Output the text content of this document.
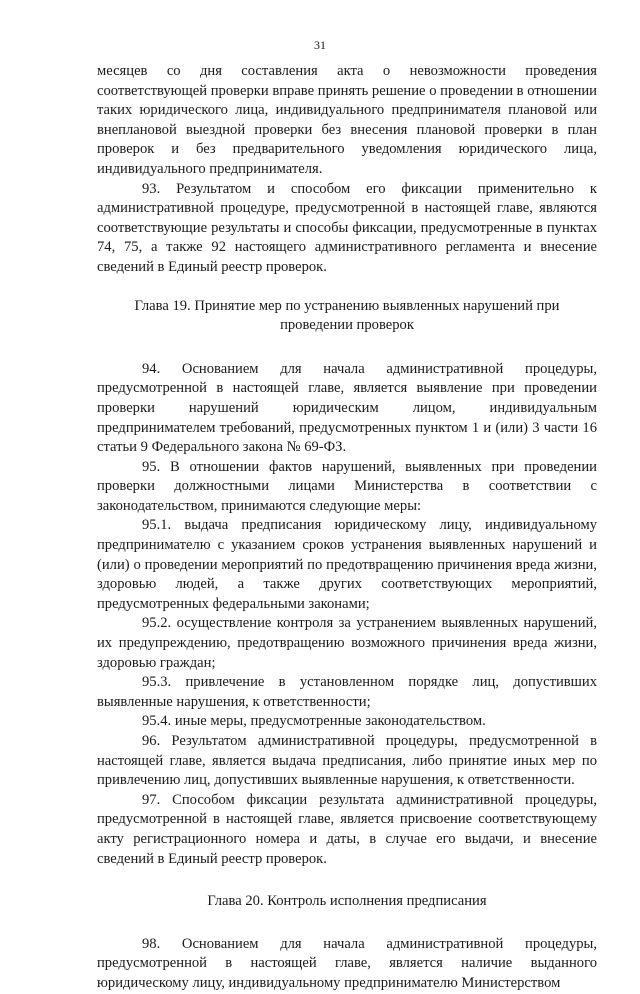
31

месяцев со дня составления акта о невозможности проведения соответствующей проверки вправе принять решение о проведении в отношении таких юридического лица, индивидуального предпринимателя плановой или внеплановой выездной проверки без внесения плановой проверки в план проверок и без предварительного уведомления юридического лица, индивидуального предпринимателя.

93. Результатом и способом его фиксации применительно к административной процедуре, предусмотренной в настоящей главе, являются соответствующие результаты и способы фиксации, предусмотренные в пунктах 74, 75, а также 92 настоящего административного регламента и внесение сведений в Единый реестр проверок.

Глава 19. Принятие мер по устранению выявленных нарушений при
проведении проверок

94. Основанием для начала административной процедуры, предусмотренной в настоящей главе, является выявление при проведении проверки нарушений юридическим лицом, индивидуальным предпринимателем требований, предусмотренных пунктом 1 и (или) 3 части 16 статьи 9 Федерального закона № 69-ФЗ.

95. В отношении фактов нарушений, выявленных при проведении проверки должностными лицами Министерства в соответствии с законодательством, принимаются следующие меры:

95.1. выдача предписания юридическому лицу, индивидуальному предпринимателю с указанием сроков устранения выявленных нарушений и (или) о проведении мероприятий по предотвращению причинения вреда жизни, здоровью людей, а также других соответствующих мероприятий, предусмотренных федеральными законами;

95.2. осуществление контроля за устранением выявленных нарушений, их предупреждению, предотвращению возможного причинения вреда жизни, здоровью граждан;

95.3. привлечение в установленном порядке лиц, допустивших выявленные нарушения, к ответственности;

95.4. иные меры, предусмотренные законодательством.

96. Результатом административной процедуры, предусмотренной в настоящей главе, является выдача предписания, либо принятие иных мер по привлечению лиц, допустивших выявленные нарушения, к ответственности.

97. Способом фиксации результата административной процедуры, предусмотренной в настоящей главе, является присвоение соответствующему акту регистрационного номера и даты, в случае его выдачи, и внесение сведений в Единый реестр проверок.

Глава 20. Контроль исполнения предписания

98. Основанием для начала административной процедуры, предусмотренной в настоящей главе, является наличие выданного юридическому лицу, индивидуальному предпринимателю Министерством
